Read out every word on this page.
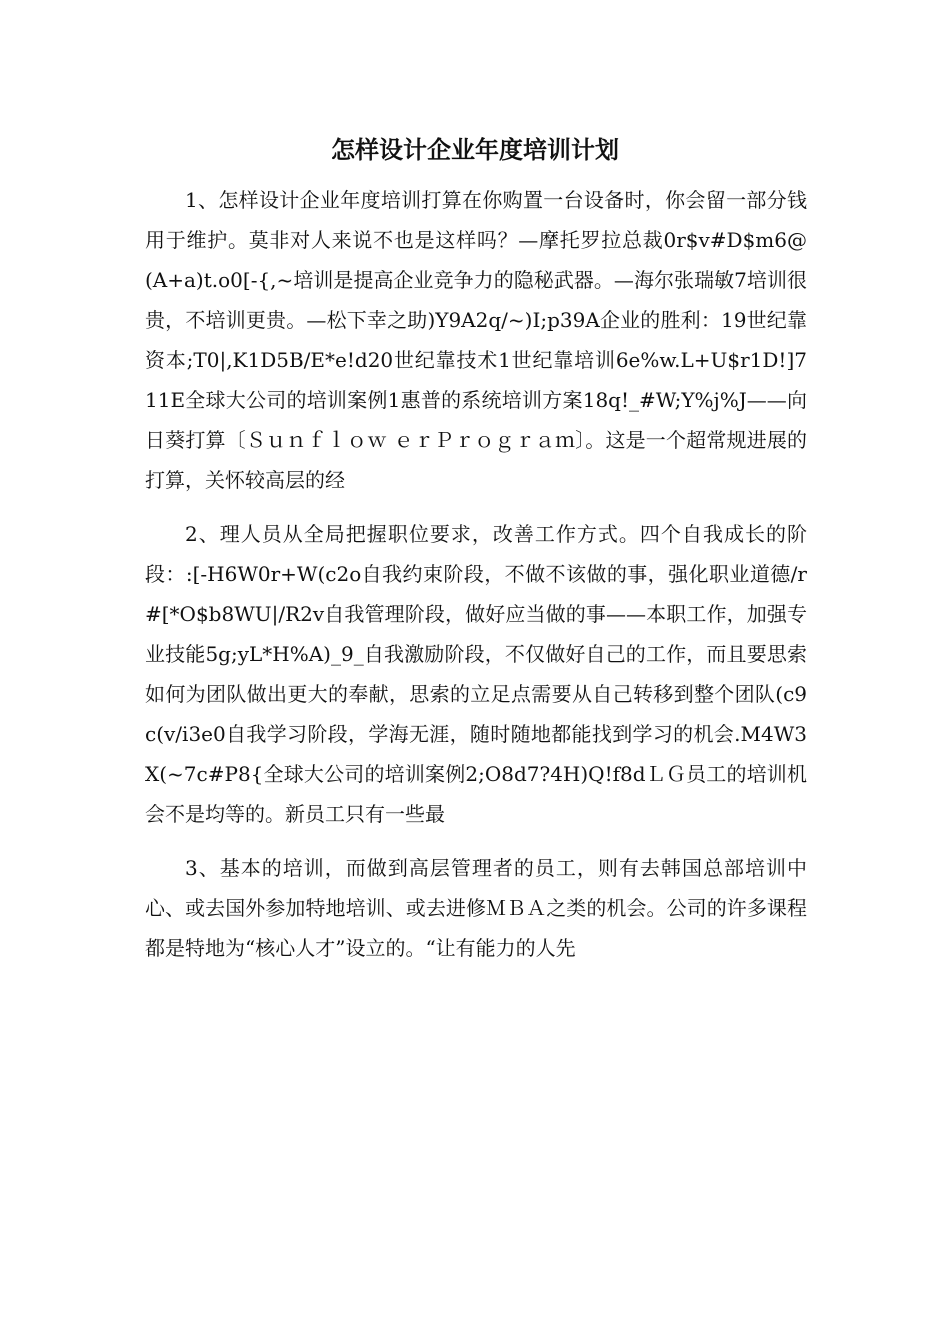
怎样设计企业年度培训计划

1、怎样设计企业年度培训打算在你购置一台设备时，你会留一部分钱用于维护。莫非对人来说不也是这样吗？—摩托罗拉总裁0r$v#D$m6@(A+a)t.o0[-{,~培训是提高企业竞争力的隐秘武器。—海尔张瑞敏7培训很贵，不培训更贵。—松下幸之助)Y9A2q/~)I;p39A企业的胜利：19世纪靠资本;T0|,K1D5B/E*e!d20世纪靠技术1世纪靠培训6e%w.L+U$r1D!]711E全球大公司的培训案例1惠普的系统培训方案18q!_#W;Y%j%J——向日葵打算〔Ｓｕｎｆｌｏｗ ｅｒＰｒｏｇｒａｍ〕。这是一个超常规进展的打算，关怀较高层的经

2、理人员从全局把握职位要求，改善工作方式。四个自我成长的阶段：:[-H6W0r+W(c2o自我约束阶段，不做不该做的事，强化职业道德/r#[*O$b8WU|/R2v自我管理阶段，做好应当做的事——本职工作，加强专业技能5g;yL*H%A)_9_自我激励阶段，不仅做好自己的工作，而且要思索如何为团队做出更大的奉献，思索的立足点需要从自己转移到整个团队(c9c(v/i3e0自我学习阶段，学海无涯，随时随地都能找到学习的机会.M4W3X(~7c#P8{全球大公司的培训案例2;O8d7?4H)Q!f8dＬＧ员工的培训机会不是均等的。新员工只有一些最

3、基本的培训，而做到高层管理者的员工，则有去韩国总部培训中心、或去国外参加特地培训、或去进修ＭＢＡ之类的机会。公司的许多课程都是特地为“核心人才”设立的。“让有能力的人先
